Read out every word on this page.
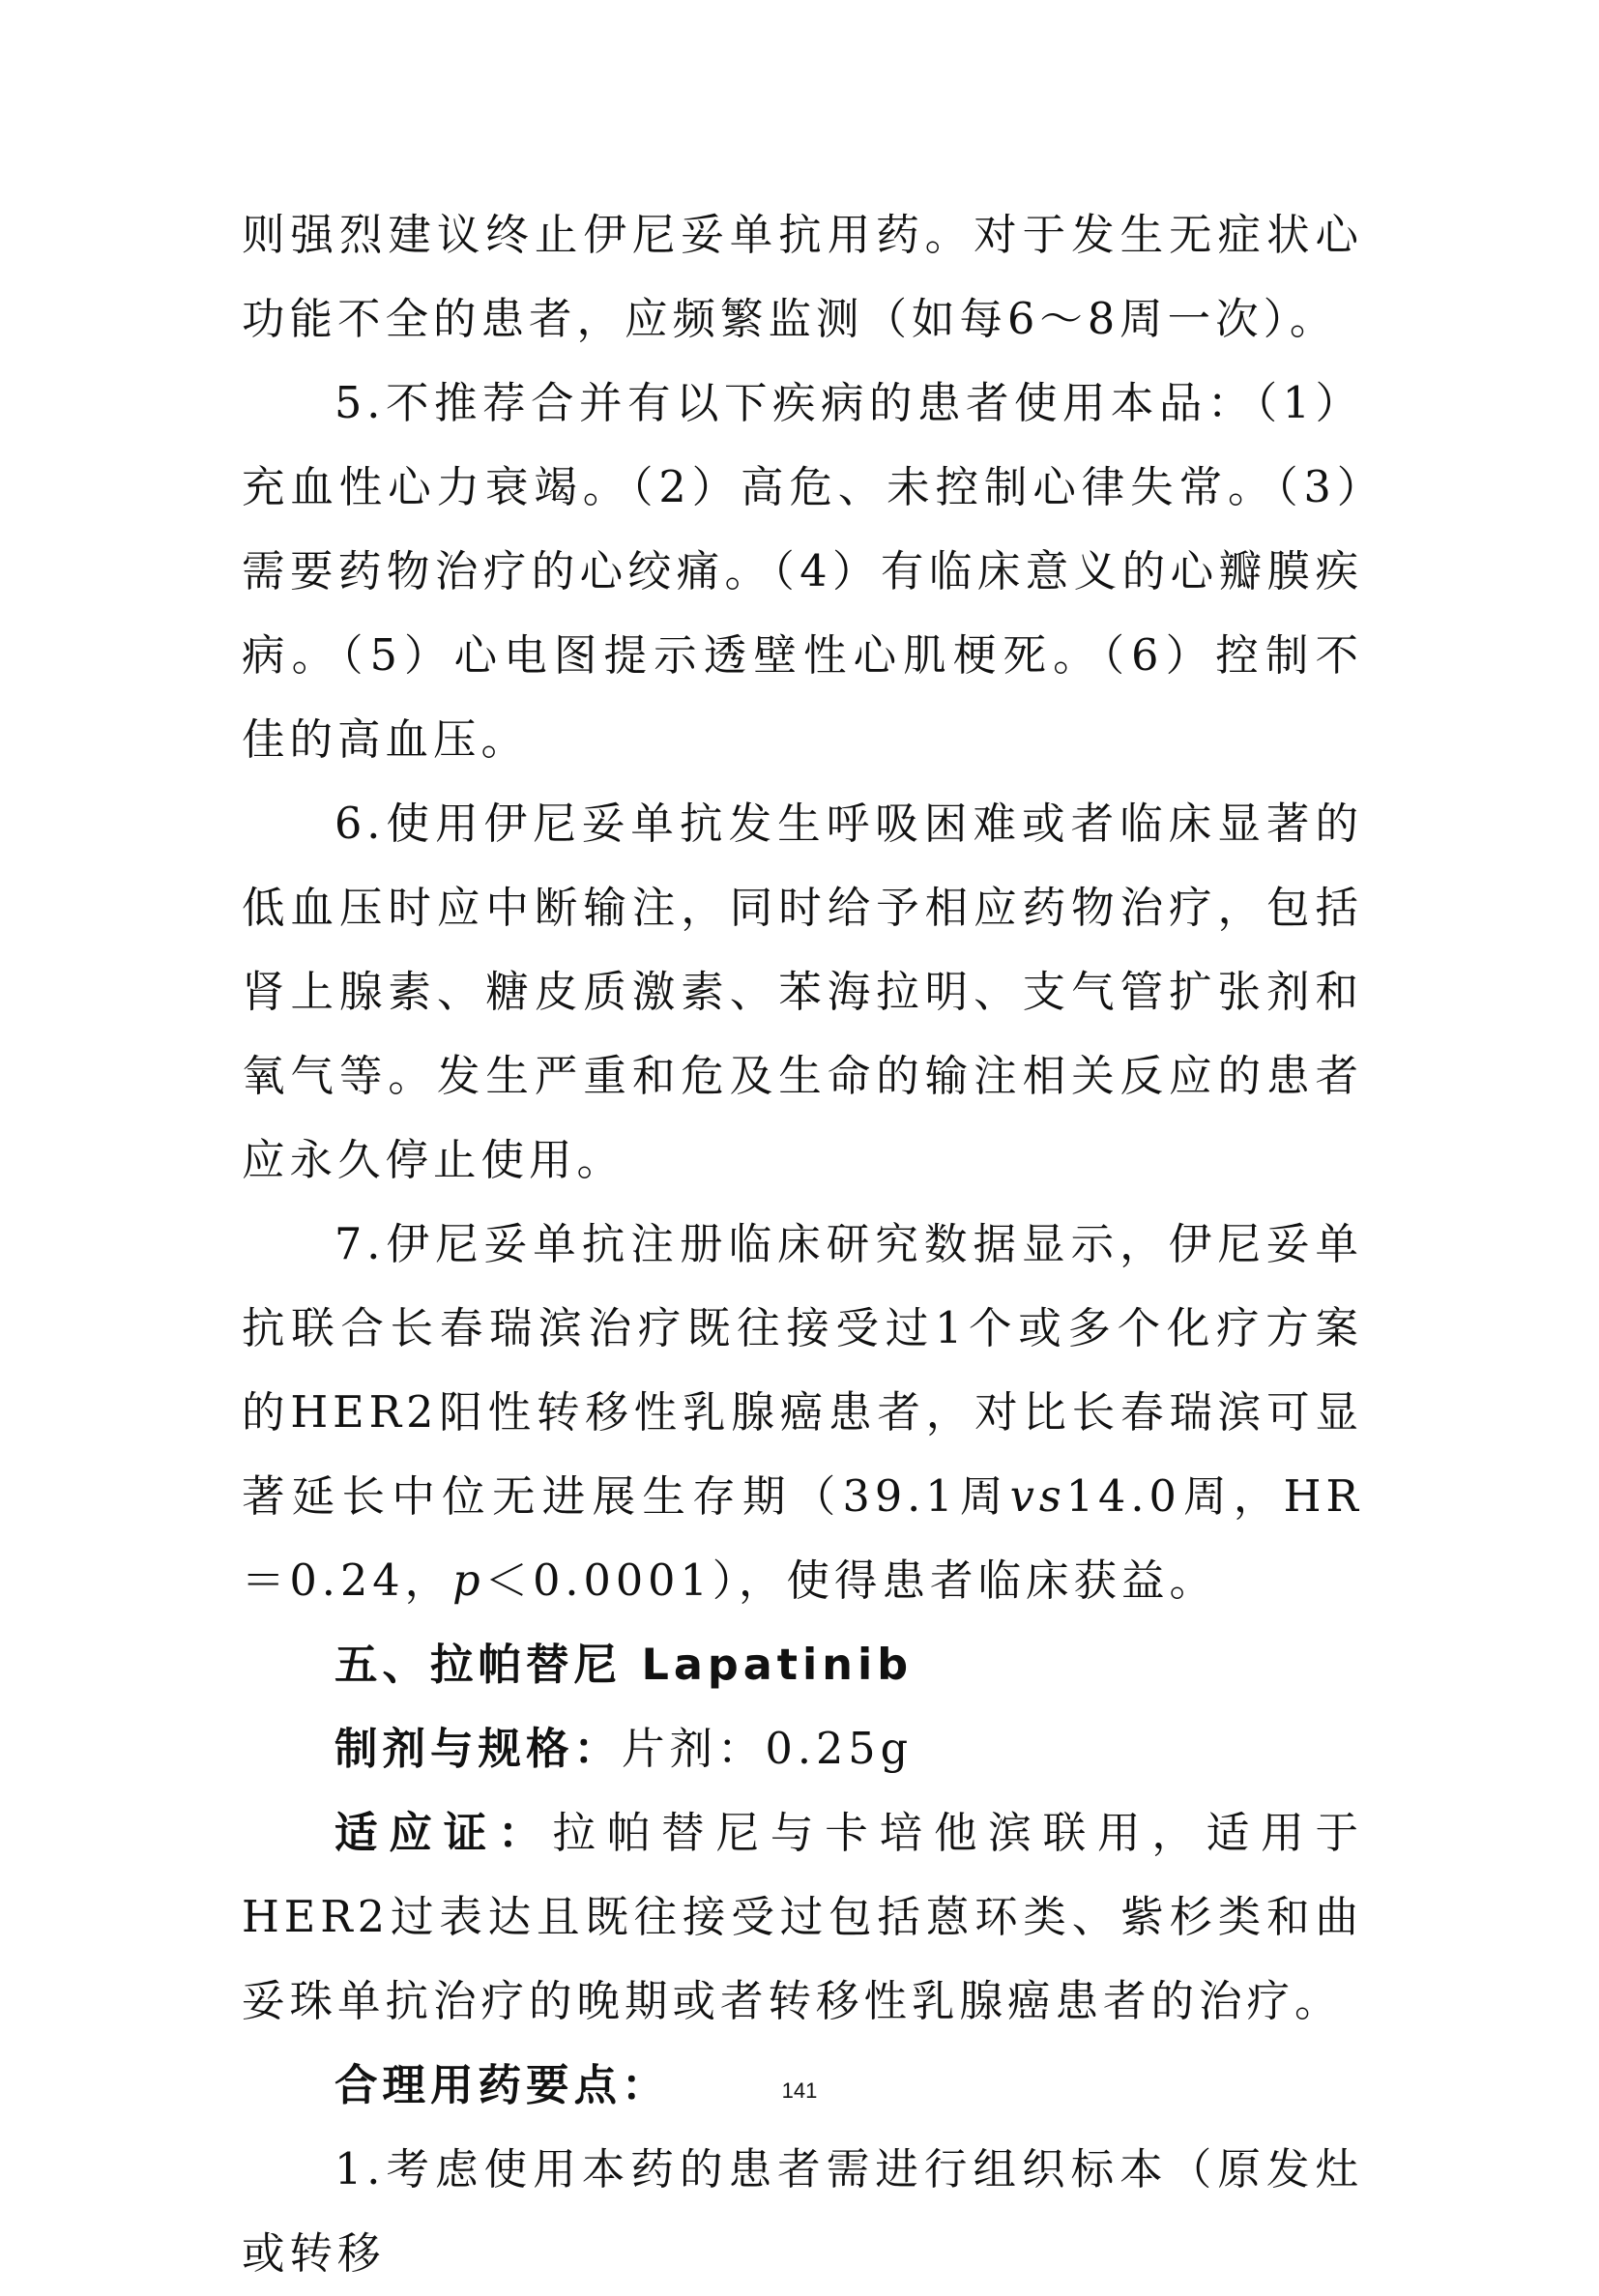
则强烈建议终止伊尼妥单抗用药。对于发生无症状心功能不全的患者，应频繁监测（如每6～8周一次）。

5.不推荐合并有以下疾病的患者使用本品：（1）充血性心力衰竭。（2）高危、未控制心律失常。（3）需要药物治疗的心绞痛。（4）有临床意义的心瓣膜疾病。（5）心电图提示透壁性心肌梗死。（6）控制不佳的高血压。

6.使用伊尼妥单抗发生呼吸困难或者临床显著的低血压时应中断输注，同时给予相应药物治疗，包括肾上腺素、糖皮质激素、苯海拉明、支气管扩张剂和氧气等。发生严重和危及生命的输注相关反应的患者应永久停止使用。

7.伊尼妥单抗注册临床研究数据显示，伊尼妥单抗联合长春瑞滨治疗既往接受过1个或多个化疗方案的HER2阳性转移性乳腺癌患者，对比长春瑞滨可显著延长中位无进展生存期（39.1周vs14.0周，HR＝0.24，p＜0.0001），使得患者临床获益。

五、拉帕替尼 Lapatinib

制剂与规格：片剂：0.25g

适应证：拉帕替尼与卡培他滨联用，适用于HER2过表达且既往接受过包括蒽环类、紫杉类和曲妥珠单抗治疗的晚期或者转移性乳腺癌患者的治疗。

合理用药要点：

1.考虑使用本药的患者需进行组织标本（原发灶或转移

141
